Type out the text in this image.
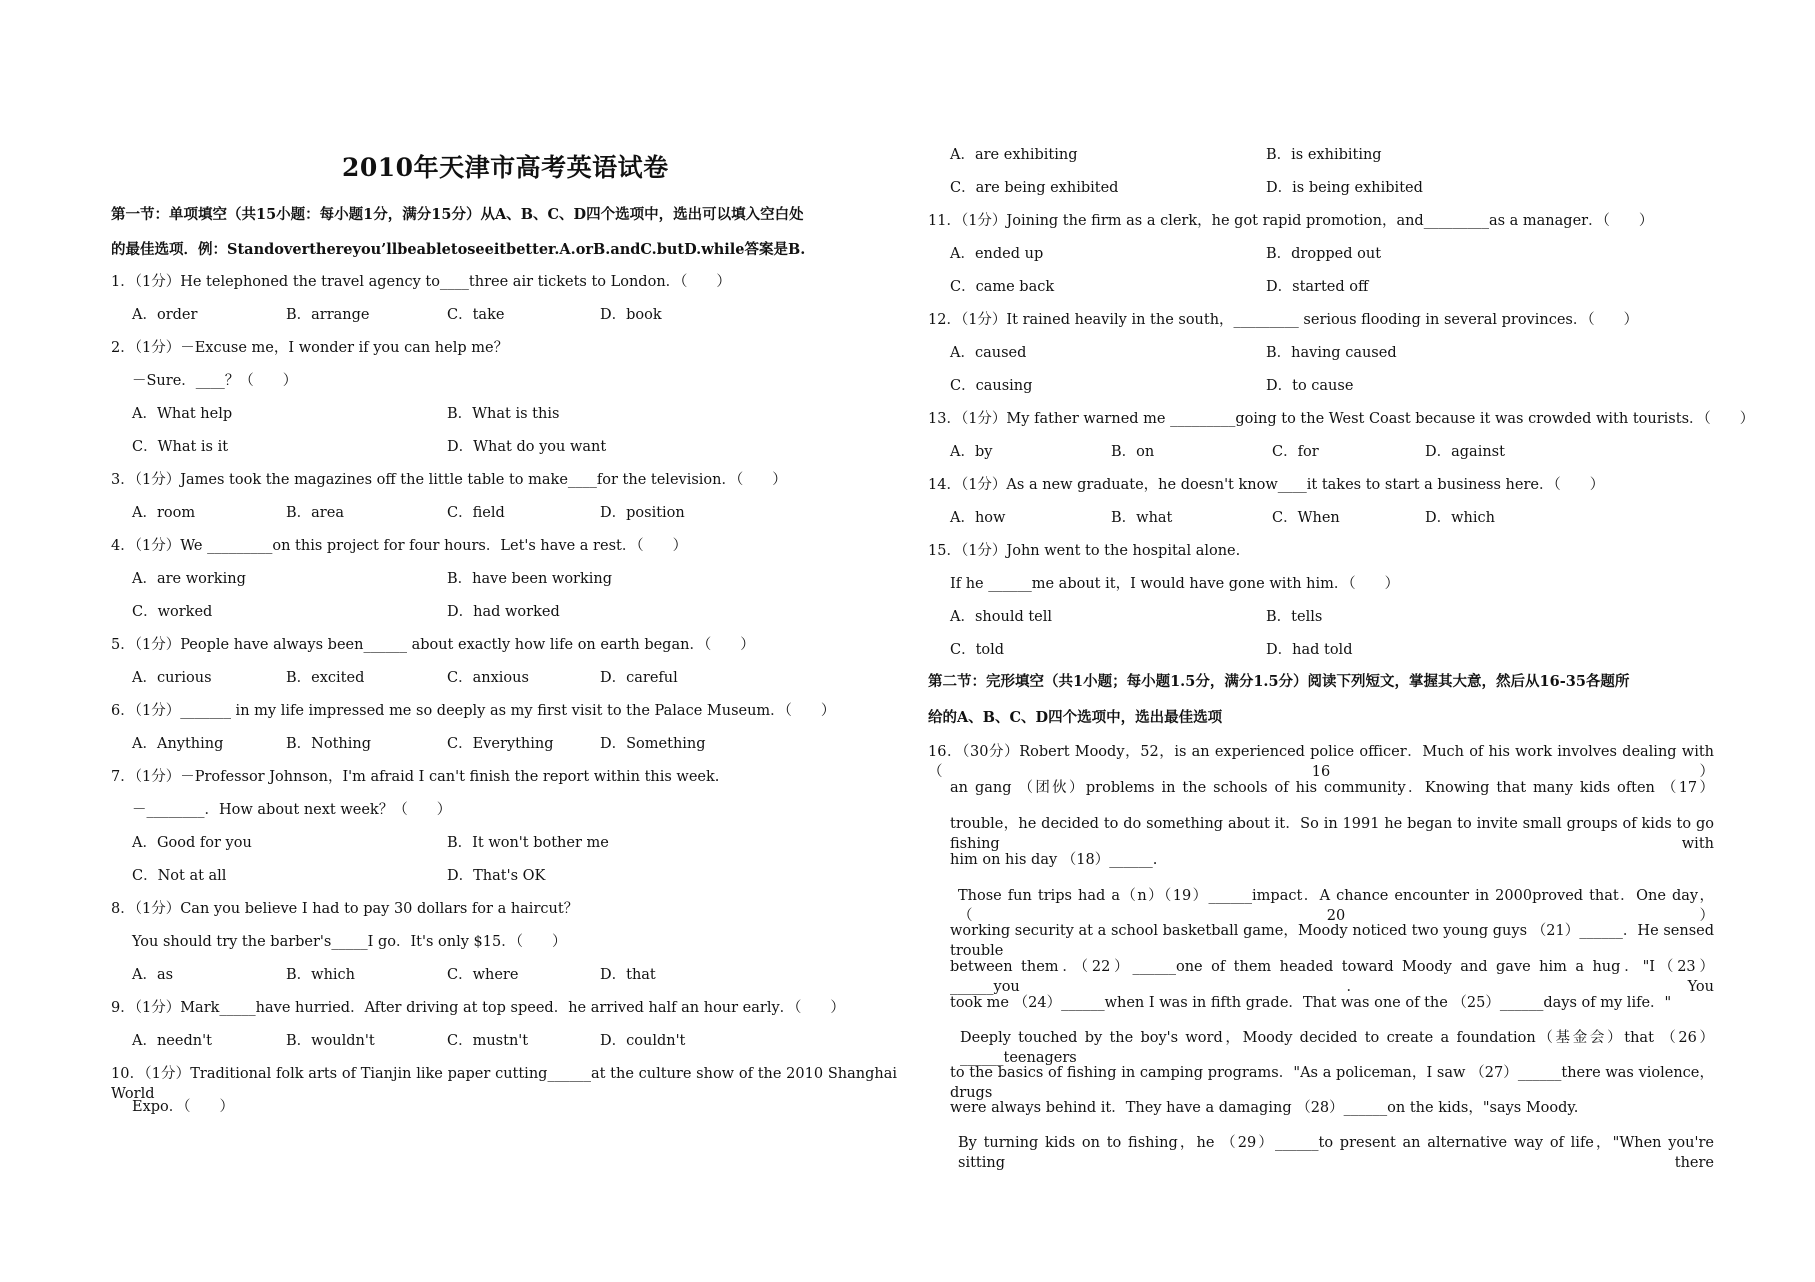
2010年天津市高考英语试卷
第一节：单项填空（共15小题：每小题1分，满分15分）从A、B、C、D四个选项中，选出可以填入空白处
的最佳选项．例：Standoverthereyou’llbeabletoseeitbetter.A.orB.andC.butD.while答案是B.
1．（1分）He telephoned the travel agency to____three air tickets to London．（　　）
A．order	B．arrange	C．take	D．book
2．（1分）－Excuse me，I wonder if you can help me？
－Sure．____？（　　）
A．What help	B．What is this
C．What is it	D．What do you want
3．（1分）James took the magazines off the little table to make____for the television．（　　）
A．room	B．area	C．field	D．position
4．（1分）We _________on this project for four hours．Let's have a rest．（　　）
A．are working	B．have been working
C．worked	D．had worked
5．（1分）People have always been______ about exactly how life on earth began．（　　）
A．curious	B．excited	C．anxious	D．careful
6．（1分）_______ in my life impressed me so deeply as my first visit to the Palace Museum．（　　）
A．Anything	B．Nothing	C．Everything	D．Something
7．（1分）－Professor Johnson，I'm afraid I can't finish the report within this week.
－________．How about next week？（　　）
A．Good for you	B．It won't bother me
C．Not at all	D．That's OK
8．（1分）Can you believe I had to pay 30 dollars for a haircut？
You should try the barber's_____I go．It's only $15．（　　）
A．as	B．which	C．where	D．that
9．（1分）Mark_____have hurried．After driving at top speed．he arrived half an hour early．（　　）
A．needn't	B．wouldn't	C．mustn't	D．couldn't
10．（1分）Traditional folk arts of Tianjin like paper cutting______at the culture show of the 2010 Shanghai World
Expo．（　　）
A．are exhibiting	B．is exhibiting
C．are being exhibited	D．is being exhibited
11．（1分）Joining the firm as a clerk，he got rapid promotion，and_________as a manager．（　　）
A．ended up	B．dropped out
C．came back	D．started off
12．（1分）It rained heavily in the south，_________ serious flooding in several provinces．（　　）
A．caused	B．having caused
C．causing	D．to cause
13．（1分）My father warned me _________going to the West Coast because it was crowded with tourists．（　　）
A．by	B．on	C．for	D．against
14．（1分）As a new graduate，he doesn't know____it takes to start a business here．（　　）
A．how	B．what	C．When	D．which
15．（1分）John went to the hospital alone.
If he ______me about it，I would have gone with him．（　　）
A．should tell	B．tells
C．told	D．had told
第二节：完形填空（共1小题；每小题1.5分，满分1.5分）阅读下列短文，掌握其大意，然后从16-35各题所
给的A、B、C、D四个选项中，选出最佳选项
16．（30分）Robert Moody，52，is an experienced police officer．Much of his work involves dealing with （16）
an gang （团伙）problems in the schools of his community．Knowing that many kids often （17）
trouble，he decided to do something about it．So in 1991 he began to invite small groups of kids to go fishing with
him on his day （18）______.
Those fun trips had a（n）（19）______impact．A chance encounter in 2000proved that．One day，（20）
working security at a school basketball game，Moody noticed two young guys （21）______．He sensed trouble
between them．（22）______one of them headed toward Moody and gave him a hug．"I（23）______you．You
took me （24）______when I was in fifth grade．That was one of the （25）______days of my life．"
Deeply touched by the boy's word，Moody decided to create a foundation（基金会）that （26）______teenagers
to the basics of fishing in camping programs．"As a policeman，I saw （27）______there was violence，drugs
were always behind it．They have a damaging （28）______on the kids，"says Moody.
By turning kids on to fishing，he （29）______to present an alternative way of life，"When you're sitting there
